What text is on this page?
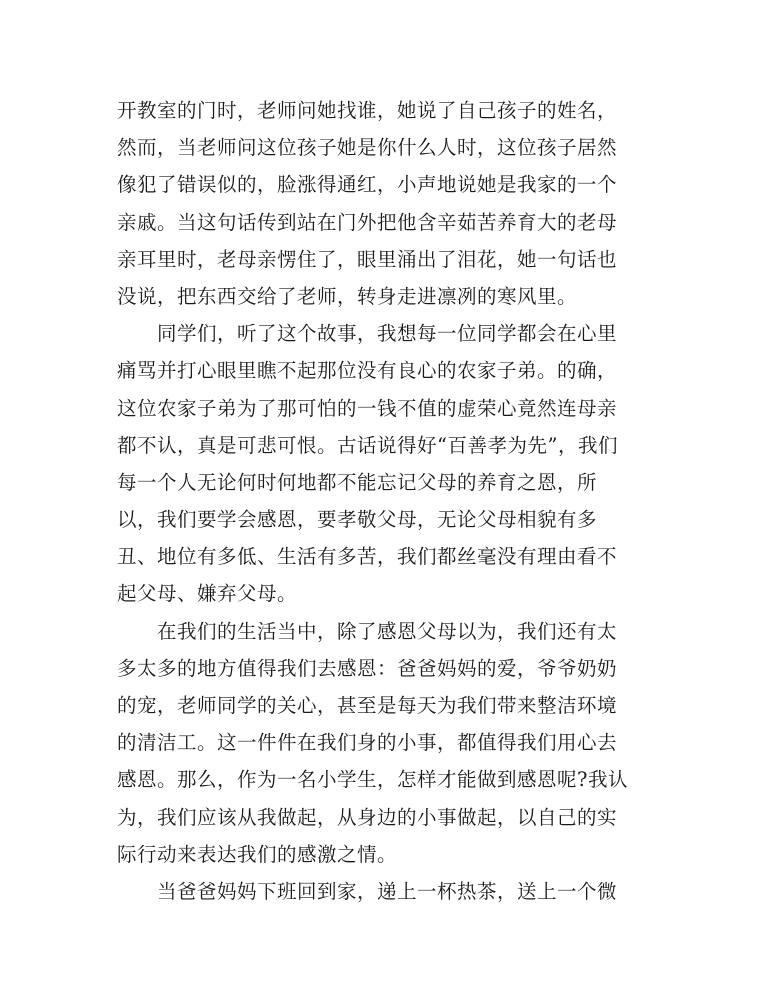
开教室的门时，老师问她找谁，她说了自己孩子的姓名，
然而，当老师问这位孩子她是你什么人时，这位孩子居然
像犯了错误似的，脸涨得通红，小声地说她是我家的一个
亲戚。当这句话传到站在门外把他含辛茹苦养育大的老母
亲耳里时，老母亲愣住了，眼里涌出了泪花，她一句话也
没说，把东西交给了老师，转身走进凛冽的寒风里。
同学们，听了这个故事，我想每一位同学都会在心里
痛骂并打心眼里瞧不起那位没有良心的农家子弟。的确，
这位农家子弟为了那可怕的一钱不值的虚荣心竟然连母亲
都不认，真是可悲可恨。古话说得好“百善孝为先”，我们
每一个人无论何时何地都不能忘记父母的养育之恩，所
以，我们要学会感恩，要孝敬父母，无论父母相貌有多
丑、地位有多低、生活有多苦，我们都丝毫没有理由看不
起父母、嫌弃父母。
在我们的生活当中，除了感恩父母以为，我们还有太
多太多的地方值得我们去感恩：爸爸妈妈的爱，爷爷奶奶
的宠，老师同学的关心，甚至是每天为我们带来整洁环境
的清洁工。这一件件在我们身的小事，都值得我们用心去
感恩。那么，作为一名小学生，怎样才能做到感恩呢?我认
为，我们应该从我做起，从身边的小事做起，以自己的实
际行动来表达我们的感激之情。
当爸爸妈妈下班回到家，递上一杯热茶，送上一个微
